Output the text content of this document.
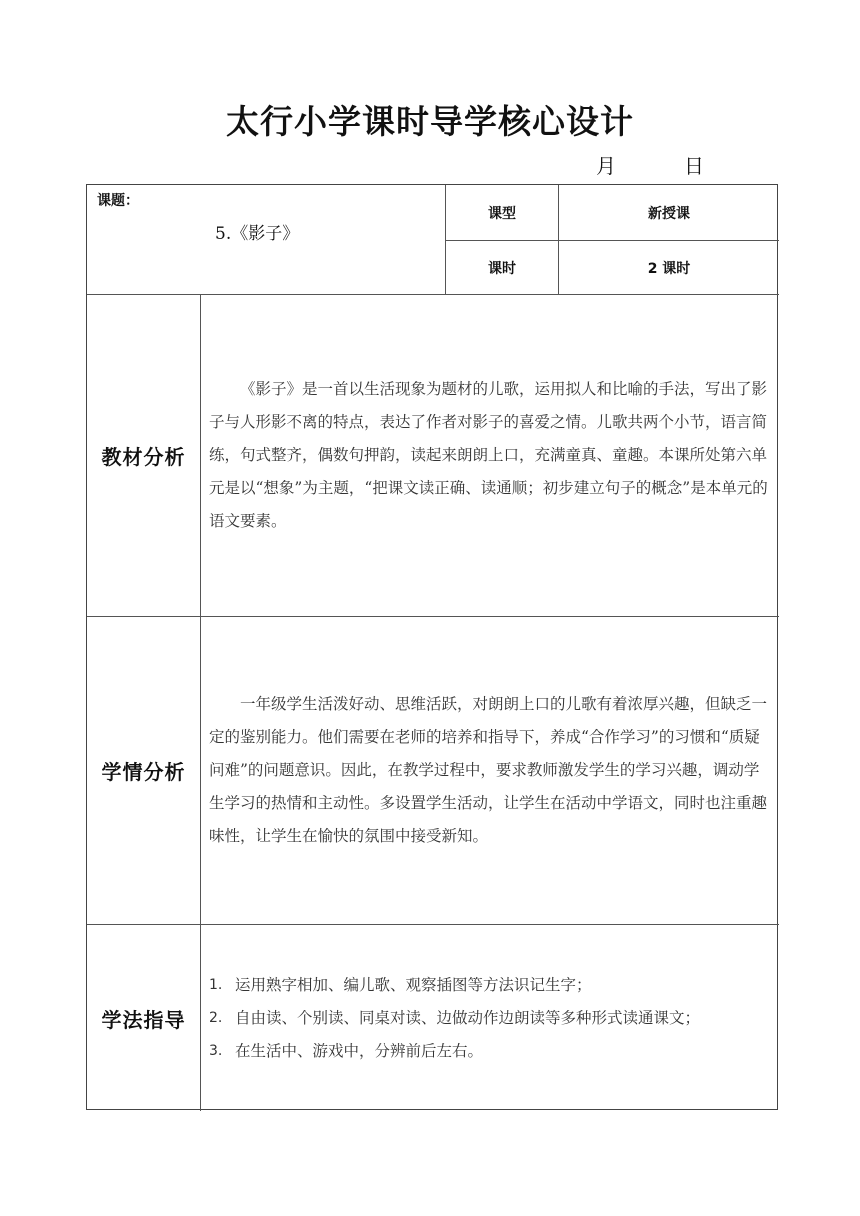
太行小学课时导学核心设计
月	日
课题：
5.《影子》
课型	新授课
课时	2 课时
教材分析

《影子》是一首以生活现象为题材的儿歌，运用拟人和比喻的手法，写出了影子与人形影不离的特点，表达了作者对影子的喜爱之情。儿歌共两个小节，语言简练，句式整齐，偶数句押韵，读起来朗朗上口，充满童真、童趣。本课所处第六单元是以“想象”为主题，“把课文读正确、读通顺；初步建立句子的概念”是本单元的语文要素。

学情分析

一年级学生活泼好动、思维活跃，对朗朗上口的儿歌有着浓厚兴趣，但缺乏一定的鉴别能力。他们需要在老师的培养和指导下，养成“合作学习”的习惯和“质疑问难”的问题意识。因此，在教学过程中，要求教师激发学生的学习兴趣，调动学生学习的热情和主动性。多设置学生活动，让学生在活动中学语文，同时也注重趣味性，让学生在愉快的氛围中接受新知。

学法指导
1. 运用熟字相加、编儿歌、观察插图等方法识记生字；
2. 自由读、个别读、同桌对读、边做动作边朗读等多种形式读通课文；
3. 在生活中、游戏中，分辨前后左右。
